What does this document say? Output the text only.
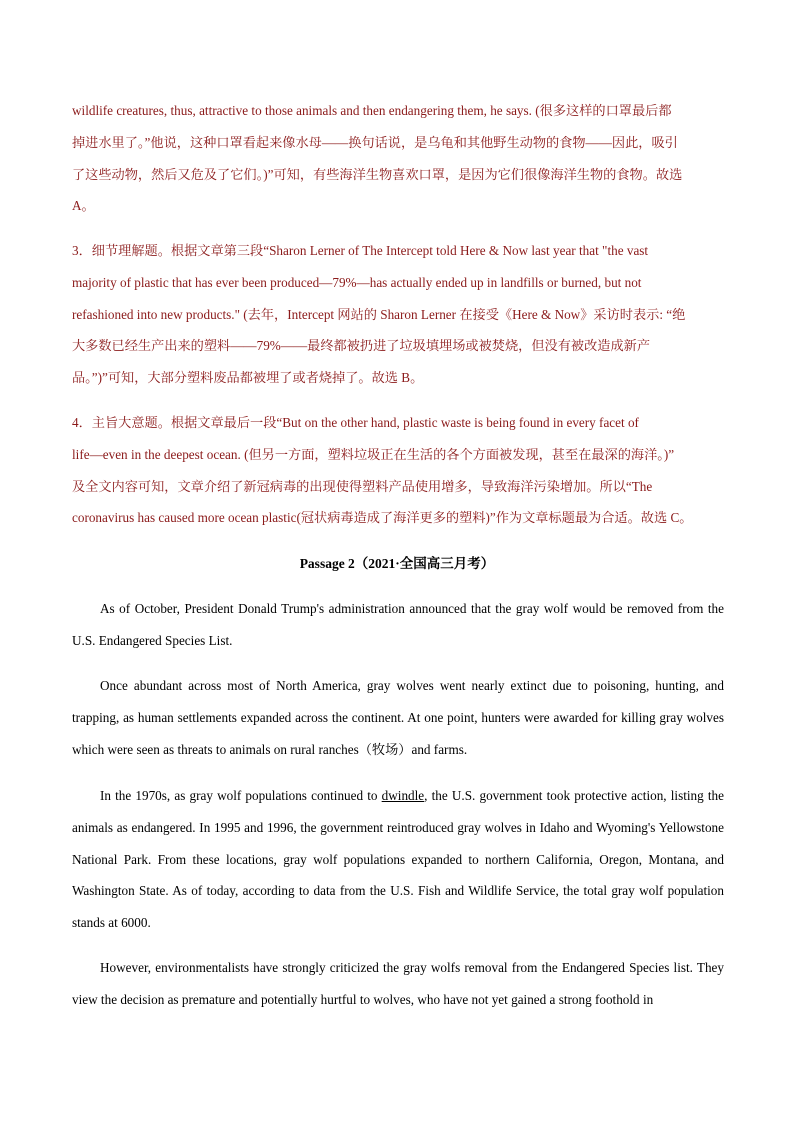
wildlife creatures, thus, attractive to those animals and then endangering them, he says. (很多这样的口罩最后都

掉进水里了。”他说，这种口罩看起来像水母——换句话说，是乌龟和其他野生动物的食物——因此，吸引

了这些动物，然后又危及了它们。)”可知，有些海洋生物喜欢口罩，是因为它们很像海洋生物的食物。故选

A。

3．细节理解题。根据文章第三段“Sharon Lerner of The Intercept told Here & Now last year that "the vast

majority of plastic that has ever been produced—79%—has actually ended up in landfills or burned, but not

refashioned into new products." (去年，Intercept 网站的 Sharon Lerner 在接受《Here & Now》采访时表示: “绝

大多数已经生产出来的塑料——79%——最终都被扔进了垃圾填埋场或被焚烧，但没有被改造成新产

品。”)”可知，大部分塑料废品都被埋了或者烧掉了。故选 B。

4．主旨大意题。根据文章最后一段“But on the other hand, plastic waste is being found in every facet of

life—even in the deepest ocean. (但另一方面，塑料垃圾正在生活的各个方面被发现，甚至在最深的海洋。)”

及全文内容可知，文章介绍了新冠病毒的出现使得塑料产品使用增多，导致海洋污染增加。所以“The

coronavirus has caused more ocean plastic(冠状病毒造成了海洋更多的塑料)”作为文章标题最为合适。故选 C。

Passage 2（2021·全国高三月考）

As of October, President Donald Trump's administration announced that the gray wolf would be removed from the U.S. Endangered Species List.

Once abundant across most of North America, gray wolves went nearly extinct due to poisoning, hunting, and trapping, as human settlements expanded across the continent. At one point, hunters were awarded for killing gray wolves which were seen as threats to animals on rural ranches（牧场）and farms.

In the 1970s, as gray wolf populations continued to dwindle, the U.S. government took protective action, listing the animals as endangered. In 1995 and 1996, the government reintroduced gray wolves in Idaho and Wyoming's Yellowstone National Park. From these locations, gray wolf populations expanded to northern California, Oregon, Montana, and Washington State. As of today, according to data from the U.S. Fish and Wildlife Service, the total gray wolf population stands at 6000.

However, environmentalists have strongly criticized the gray wolfs removal from the Endangered Species list. They view the decision as premature and potentially hurtful to wolves, who have not yet gained a strong foothold in
